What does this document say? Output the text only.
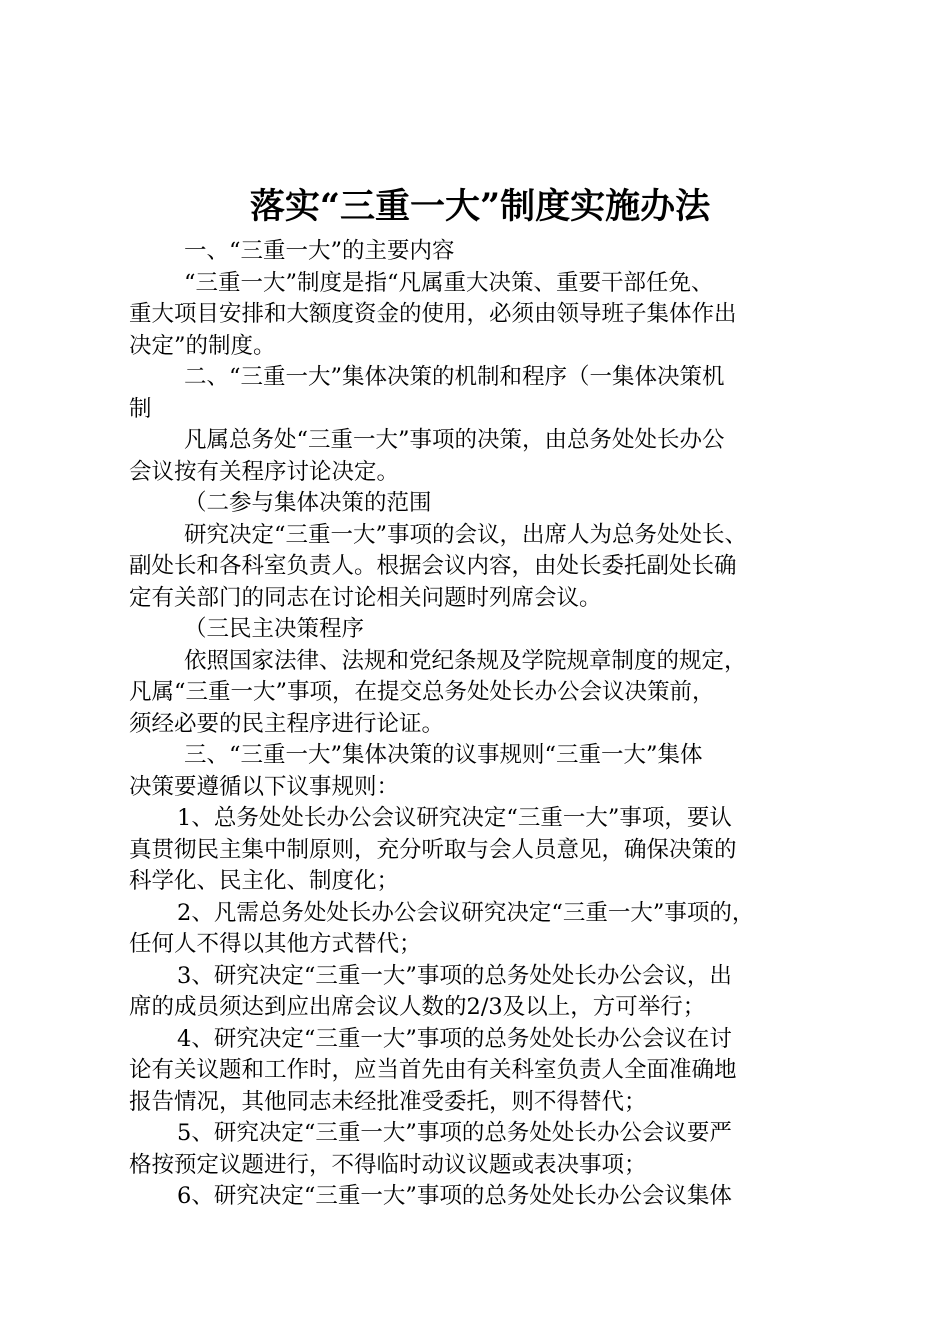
落实“三重一大”制度实施办法
一、“三重一大”的主要内容
“三重一大”制度是指“凡属重大决策、重要干部任免、
重大项目安排和大额度资金的使用，必须由领导班子集体作出
决定”的制度。
二、“三重一大”集体决策的机制和程序（一集体决策机
制
凡属总务处“三重一大”事项的决策，由总务处处长办公
会议按有关程序讨论决定。
（二参与集体决策的范围
研究决定“三重一大”事项的会议，出席人为总务处处长、
副处长和各科室负责人。根据会议内容，由处长委托副处长确
定有关部门的同志在讨论相关问题时列席会议。
（三民主决策程序
依照国家法律、法规和党纪条规及学院规章制度的规定，
凡属“三重一大”事项，在提交总务处处长办公会议决策前，
须经必要的民主程序进行论证。
三、“三重一大”集体决策的议事规则“三重一大”集体
决策要遵循以下议事规则：
1、总务处处长办公会议研究决定“三重一大”事项，要认
真贯彻民主集中制原则，充分听取与会人员意见，确保决策的
科学化、民主化、制度化；
2、凡需总务处处长办公会议研究决定“三重一大”事项的，
任何人不得以其他方式替代；
3、研究决定“三重一大”事项的总务处处长办公会议，出
席的成员须达到应出席会议人数的2/3及以上，方可举行；
4、研究决定“三重一大”事项的总务处处长办公会议在讨
论有关议题和工作时，应当首先由有关科室负责人全面准确地
报告情况，其他同志未经批准受委托，则不得替代；
5、研究决定“三重一大”事项的总务处处长办公会议要严
格按预定议题进行，不得临时动议议题或表决事项；
6、研究决定“三重一大”事项的总务处处长办公会议集体
